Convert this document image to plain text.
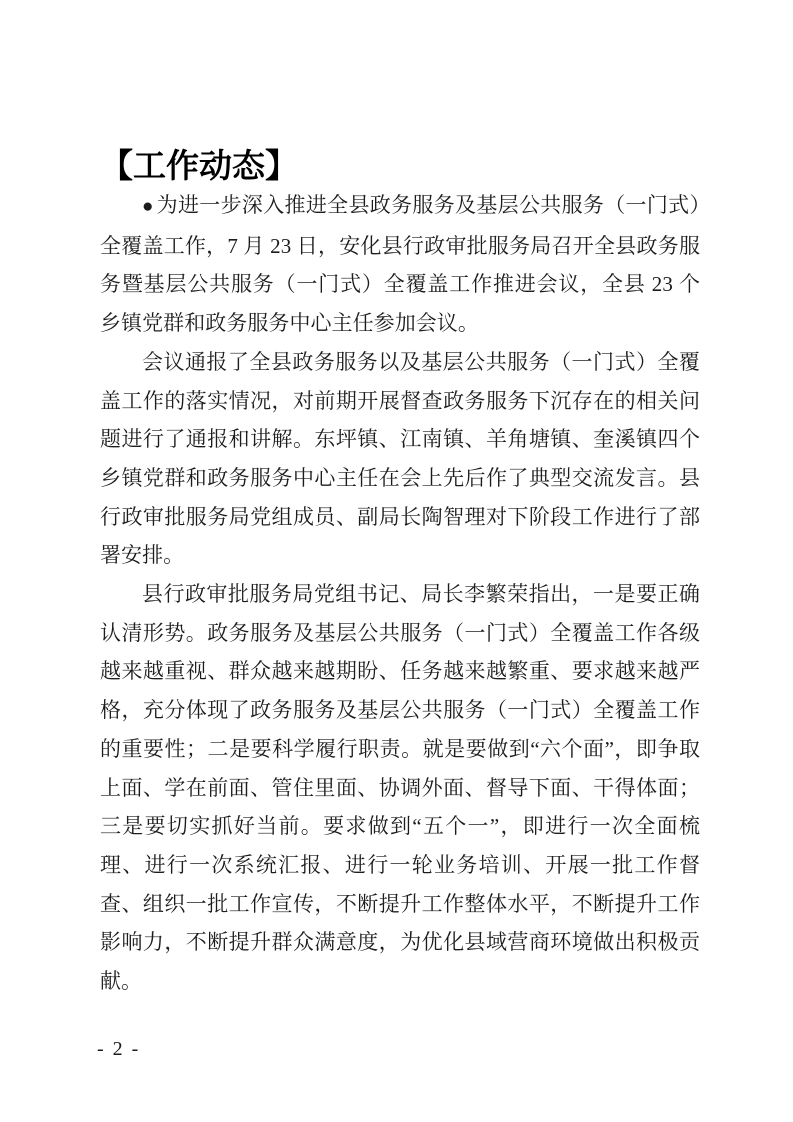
【工作动态】

● 为进一步深入推进全县政务服务及基层公共服务（一门式）全覆盖工作，7 月 23 日，安化县行政审批服务局召开全县政务服务暨基层公共服务（一门式）全覆盖工作推进会议，全县 23 个乡镇党群和政务服务中心主任参加会议。

会议通报了全县政务服务以及基层公共服务（一门式）全覆盖工作的落实情况，对前期开展督查政务服务下沉存在的相关问题进行了通报和讲解。东坪镇、江南镇、羊角塘镇、奎溪镇四个乡镇党群和政务服务中心主任在会上先后作了典型交流发言。县行政审批服务局党组成员、副局长陶智理对下阶段工作进行了部署安排。

县行政审批服务局党组书记、局长李繁荣指出，一是要正确认清形势。政务服务及基层公共服务（一门式）全覆盖工作各级越来越重视、群众越来越期盼、任务越来越繁重、要求越来越严格，充分体现了政务服务及基层公共服务（一门式）全覆盖工作的重要性；二是要科学履行职责。就是要做到“六个面”，即争取上面、学在前面、管住里面、协调外面、督导下面、干得体面；三是要切实抓好当前。要求做到“五个一”，即进行一次全面梳理、进行一次系统汇报、进行一轮业务培训、开展一批工作督查、组织一批工作宣传，不断提升工作整体水平，不断提升工作影响力，不断提升群众满意度，为优化县域营商环境做出积极贡献。

- 2 -
